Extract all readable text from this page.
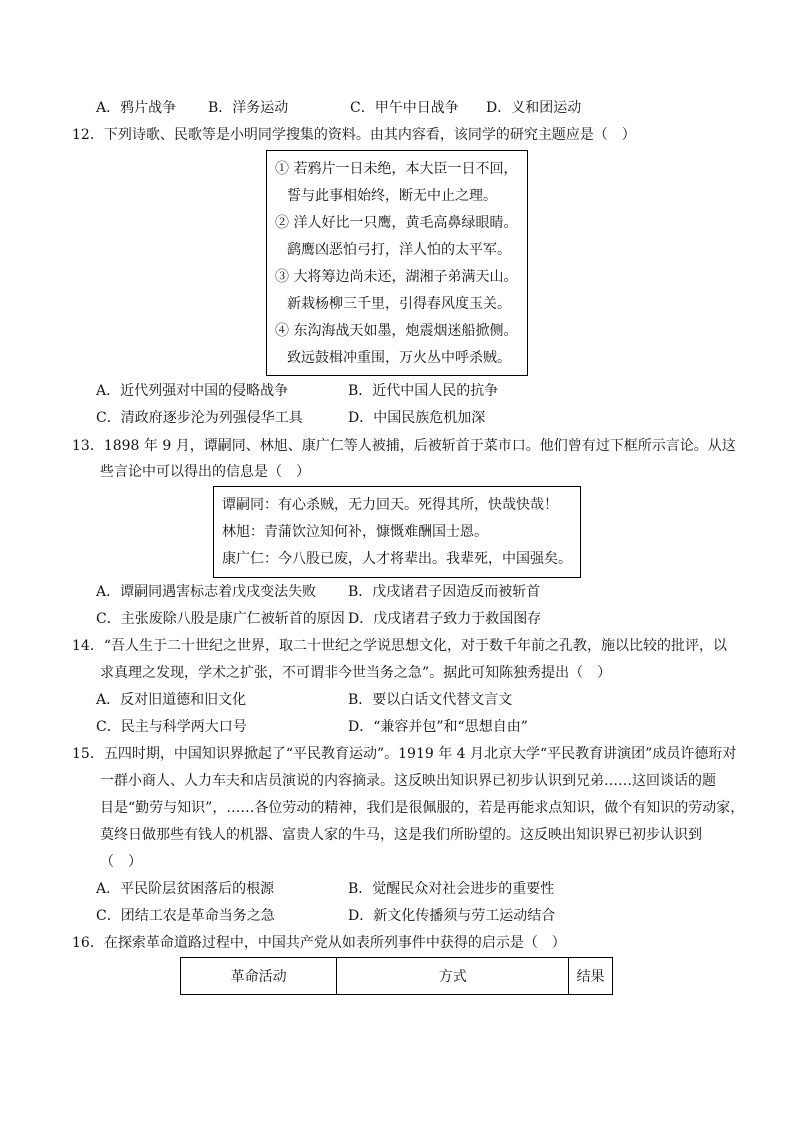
A．鸦片战争 B．洋务运动	C．甲午中日战争 D．义和团运动
12．下列诗歌、民歌等是小明同学搜集的资料。由其内容看，该同学的研究主题应是（　）
① 若鸦片一日未绝，本大臣一日不回，
誓与此事相始终，断无中止之理。
② 洋人好比一只鹰，黄毛高鼻绿眼睛。
鹞鹰凶恶怕弓打，洋人怕的太平军。
③ 大将筹边尚未还，湖湘子弟满天山。
新栽杨柳三千里，引得春风度玉关。
④ 东沟海战天如墨，炮震烟迷船掀侧。
致远鼓楫冲重围，万火丛中呼杀贼。
A．近代列强对中国的侵略战争	B．近代中国人民的抗争
C．清政府逐步沦为列强侵华工具	D．中国民族危机加深
13．1898 年 9 月，谭嗣同、林旭、康广仁等人被捕，后被斩首于菜市口。他们曾有过下框所示言论。从这
些言论中可以得出的信息是（　）
谭嗣同：有心杀贼，无力回天。死得其所，快哉快哉！
林旭：青蒲饮泣知何补，慷慨难酬国士恩。
康广仁：今八股已废，人才将辈出。我辈死，中国强矣。
A．谭嗣同遇害标志着戊戌变法失败 B．戊戌诸君子因造反而被斩首
C．主张废除八股是康广仁被斩首的原因 D．戊戌诸君子致力于救国图存
14．“吾人生于二十世纪之世界，取二十世纪之学说思想文化，对于数千年前之孔教，施以比较的批评，以
求真理之发现，学术之扩张，不可谓非今世当务之急”。据此可知陈独秀提出（　）
A．反对旧道德和旧文化	B．要以白话文代替文言文
C．民主与科学两大口号	D．“兼容并包”和“思想自由”
15．五四时期，中国知识界掀起了“平民教育运动”。1919 年 4 月北京大学“平民教育讲演团”成员许德珩对
一群小商人、人力车夫和店员演说的内容摘录。这反映出知识界已初步认识到兄弟……这回谈话的题
目是“勤劳与知识”，……各位劳动的精神，我们是很佩服的，若是再能求点知识，做个有知识的劳动家，
莫终日做那些有钱人的机器、富贵人家的牛马，这是我们所盼望的。这反映出知识界已初步认识到
（　）
A．平民阶层贫困落后的根源	B．觉醒民众对社会进步的重要性
C．团结工农是革命当务之急	D．新文化传播须与劳工运动结合
16．在探索革命道路过程中，中国共产党从如表所列事件中获得的启示是（　）
革命活动	方式	结果
